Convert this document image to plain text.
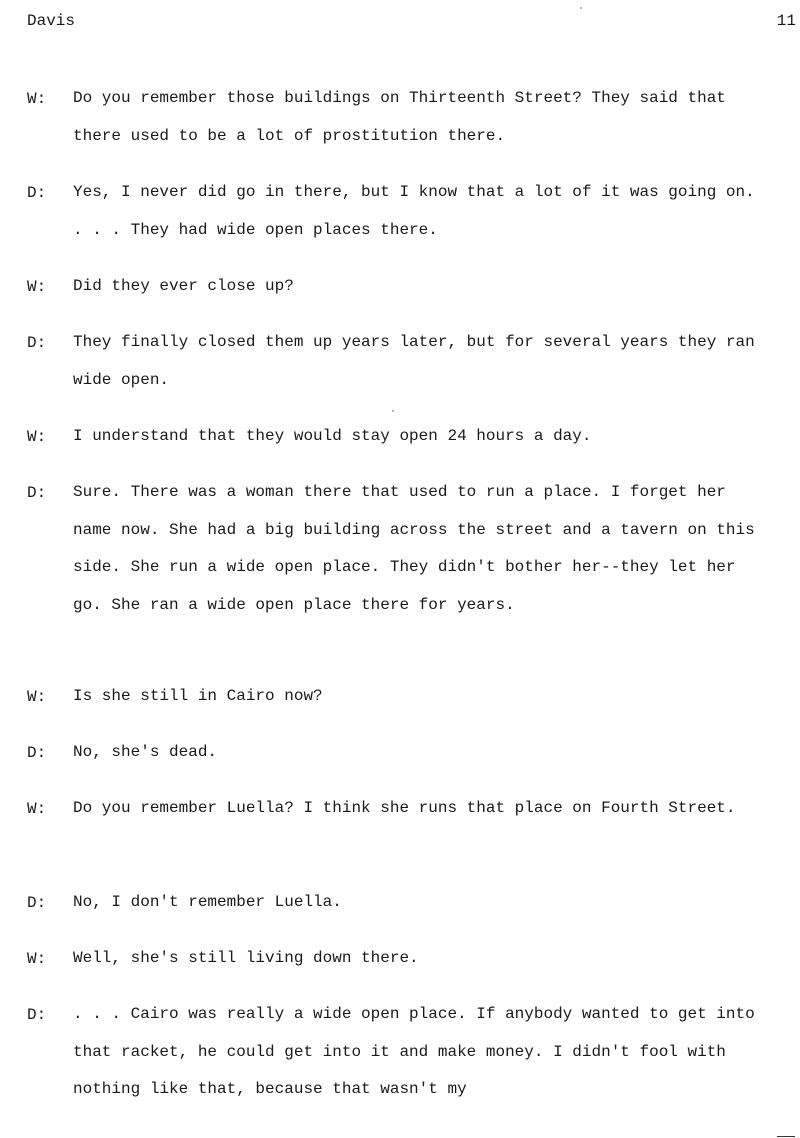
Davis	11
W: Do you remember those buildings on Thirteenth Street? They said that there used to be a lot of prostitution there.
D: Yes, I never did go in there, but I know that a lot of it was going on. . . . They had wide open places there.
W: Did they ever close up?
D: They finally closed them up years later, but for several years they ran wide open.
W: I understand that they would stay open 24 hours a day.
D: Sure. There was a woman there that used to run a place. I forget her name now. She had a big building across the street and a tavern on this side. She run a wide open place. They didn't bother her--they let her go. She ran a wide open place there for years.
W: Is she still in Cairo now?
D: No, she's dead.
W: Do you remember Luella? I think she runs that place on Fourth Street.
D: No, I don't remember Luella.
W: Well, she's still living down there.
D: . . . Cairo was really a wide open place. If anybody wanted to get into that racket, he could get into it and make money. I didn't fool with nothing like that, because that wasn't my
